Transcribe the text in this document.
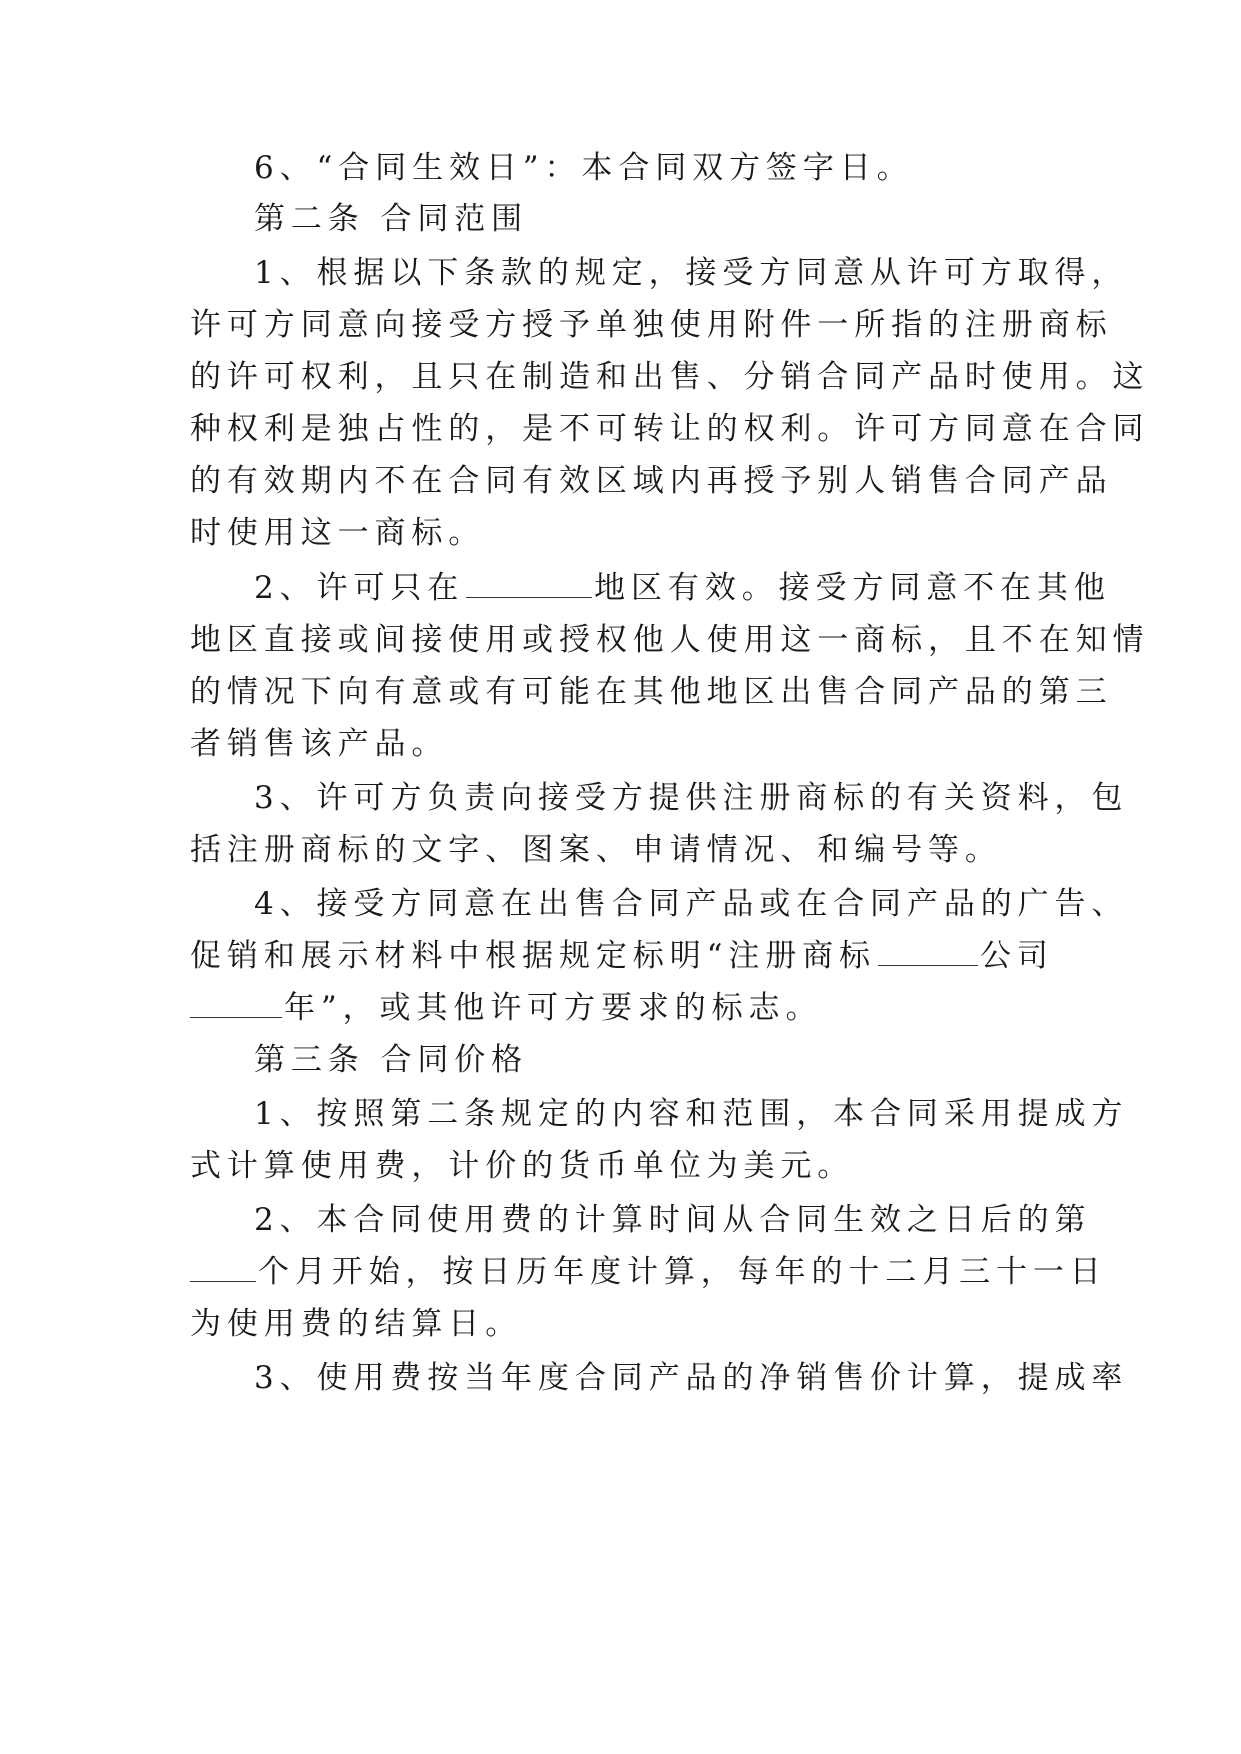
6、“合同生效日”：本合同双方签字日。
第二条 合同范围
1、根据以下条款的规定，接受方同意从许可方取得，
许可方同意向接受方授予单独使用附件一所指的注册商标
的许可权利，且只在制造和出售、分销合同产品时使用。这
种权利是独占性的，是不可转让的权利。许可方同意在合同
的有效期内不在合同有效区域内再授予别人销售合同产品
时使用这一商标。
2、许可只在	地区有效。接受方同意不在其他
地区直接或间接使用或授权他人使用这一商标，且不在知情
的情况下向有意或有可能在其他地区出售合同产品的第三
者销售该产品。
3、许可方负责向接受方提供注册商标的有关资料，包
括注册商标的文字、图案、申请情况、和编号等。
4、接受方同意在出售合同产品或在合同产品的广告、
促销和展示材料中根据规定标明“注册商标	公司
年”，或其他许可方要求的标志。
第三条 合同价格
1、按照第二条规定的内容和范围，本合同采用提成方
式计算使用费，计价的货币单位为美元。
2、本合同使用费的计算时间从合同生效之日后的第
个月开始，按日历年度计算，每年的十二月三十一日
为使用费的结算日。
3、使用费按当年度合同产品的净销售价计算，提成率
